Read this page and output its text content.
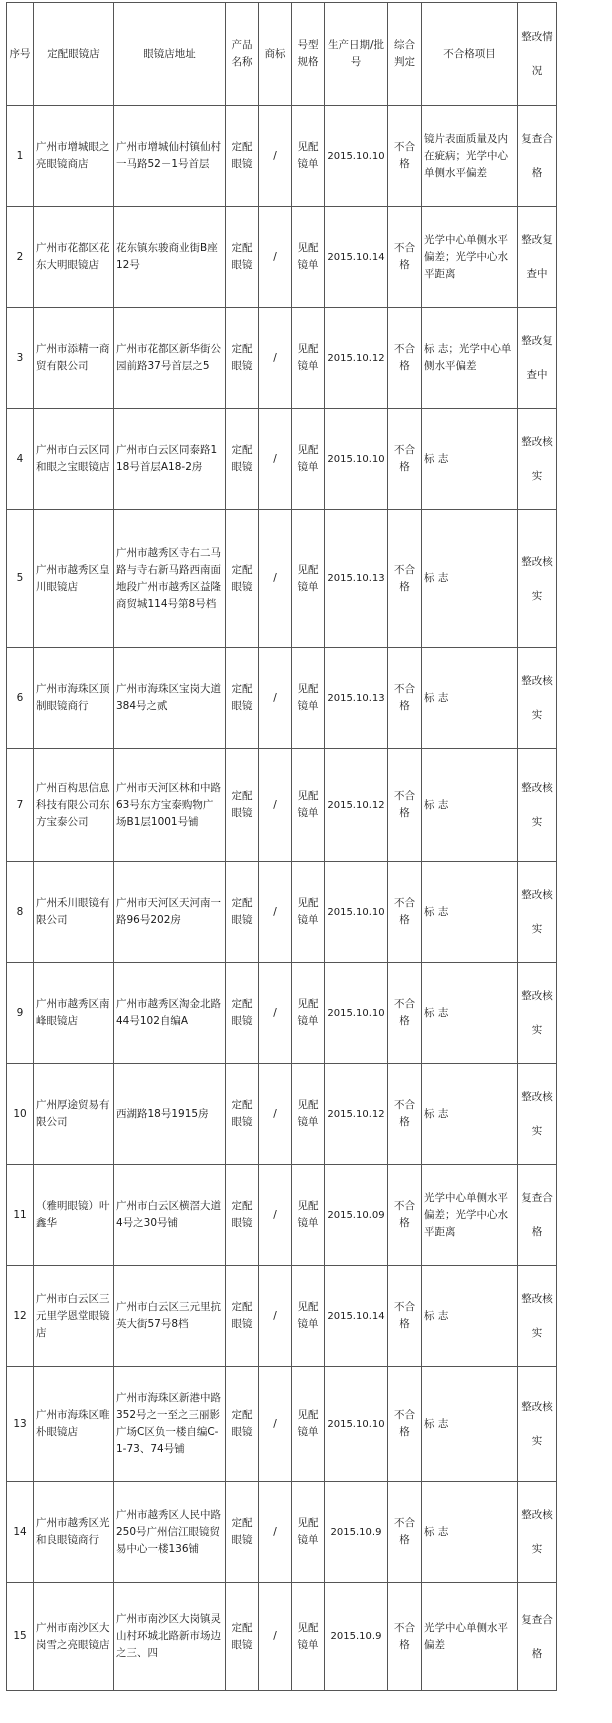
序号	定配眼镜店	眼镜店地址	产品名称	商标	号型规格	生产日期/批号	综合判定	不合格项目	整改情况
1	广州市增城眼之亮眼镜商店	广州市增城仙村镇仙村一马路52－1号首层	定配眼镜	/	见配镜单	2015.10.10	不合格	镜片表面质量及内在疵病；光学中心单侧水平偏差	复查合格
2	广州市花都区花东大明眼镜店	花东镇东骏商业街B座12号	定配眼镜	/	见配镜单	2015.10.14	不合格	光学中心单侧水平偏差；光学中心水平距离	整改复查中
3	广州市添精一商贸有限公司	广州市花都区新华街公园前路37号首层之5	定配眼镜	/	见配镜单	2015.10.12	不合格	标 志；光学中心单侧水平偏差	整改复查中
4	广州市白云区同和眼之宝眼镜店	广州市白云区同泰路118号首层A18-2房	定配眼镜	/	见配镜单	2015.10.10	不合格	标 志	整改核实
5	广州市越秀区皇川眼镜店	广州市越秀区寺右二马路与寺右新马路西南面地段广州市越秀区益隆商贸城114号第8号档	定配眼镜	/	见配镜单	2015.10.13	不合格	标 志	整改核实
6	广州市海珠区顶制眼镜商行	广州市海珠区宝岗大道384号之贰	定配眼镜	/	见配镜单	2015.10.13	不合格	标 志	整改核实
7	广州百构思信息科技有限公司东方宝泰公司	广州市天河区林和中路63号东方宝泰购物广场B1层1001号铺	定配眼镜	/	见配镜单	2015.10.12	不合格	标 志	整改核实
8	广州禾川眼镜有限公司	广州市天河区天河南一路96号202房	定配眼镜	/	见配镜单	2015.10.10	不合格	标 志	整改核实
9	广州市越秀区南峰眼镜店	广州市越秀区淘金北路44号102自编A	定配眼镜	/	见配镜单	2015.10.10	不合格	标 志	整改核实
10	广州厚途贸易有限公司	西湖路18号1915房	定配眼镜	/	见配镜单	2015.10.12	不合格	标 志	整改核实
11	（雅明眼镜）叶鑫华	广州市白云区横滘大道4号之30号铺	定配眼镜	/	见配镜单	2015.10.09	不合格	光学中心单侧水平偏差；光学中心水平距离	复查合格
12	广州市白云区三元里学恩堂眼镜店	广州市白云区三元里抗英大街57号8档	定配眼镜	/	见配镜单	2015.10.14	不合格	标 志	整改核实
13	广州市海珠区唯朴眼镜店	广州市海珠区新港中路352号之一至之三丽影广场C区负一楼自编C-1-73、74号铺	定配眼镜	/	见配镜单	2015.10.10	不合格	标 志	整改核实
14	广州市越秀区光和良眼镜商行	广州市越秀区人民中路250号广州信江眼镜贸易中心一楼136铺	定配眼镜	/	见配镜单	2015.10.9	不合格	标 志	整改核实
15	广州市南沙区大岗雪之亮眼镜店	广州市南沙区大岗镇灵山村环城北路新市场边之三、四	定配眼镜	/	见配镜单	2015.10.9	不合格	光学中心单侧水平偏差	复查合格
